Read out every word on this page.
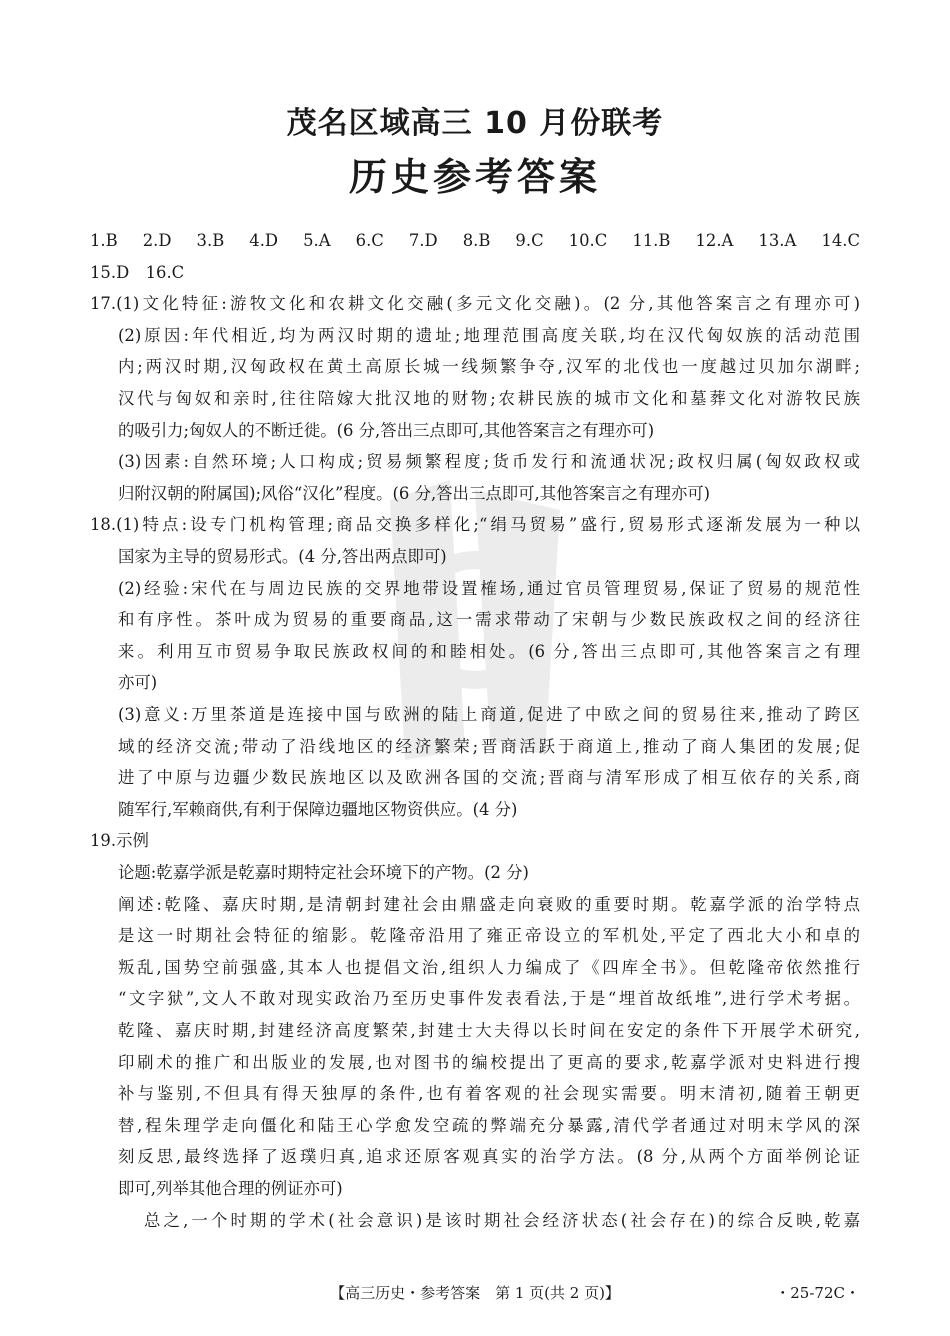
茂名区域高三 10 月份联考
历史参考答案
1.B　2.D　3.B　4.D　5.A　6.C　7.D　8.B　9.C　10.C　11.B　12.A　13.A　14.C
15.D　16.C
17.(1)文化特征:游牧文化和农耕文化交融(多元文化交融)。(2 分,其他答案言之有理亦可)
(2)原因:年代相近,均为两汉时期的遗址;地理范围高度关联,均在汉代匈奴族的活动范围
内;两汉时期,汉匈政权在黄土高原长城一线频繁争夺,汉军的北伐也一度越过贝加尔湖畔;
汉代与匈奴和亲时,往往陪嫁大批汉地的财物;农耕民族的城市文化和墓葬文化对游牧民族
的吸引力;匈奴人的不断迁徙。(6 分,答出三点即可,其他答案言之有理亦可)
(3)因素:自然环境;人口构成;贸易频繁程度;货币发行和流通状况;政权归属(匈奴政权或
归附汉朝的附属国);风俗“汉化”程度。(6 分,答出三点即可,其他答案言之有理亦可)
18.(1)特点:设专门机构管理;商品交换多样化;“绢马贸易”盛行,贸易形式逐渐发展为一种以
国家为主导的贸易形式。(4 分,答出两点即可)
(2)经验:宋代在与周边民族的交界地带设置榷场,通过官员管理贸易,保证了贸易的规范性
和有序性。茶叶成为贸易的重要商品,这一需求带动了宋朝与少数民族政权之间的经济往
来。利用互市贸易争取民族政权间的和睦相处。(6 分,答出三点即可,其他答案言之有理
亦可)
(3)意义:万里茶道是连接中国与欧洲的陆上商道,促进了中欧之间的贸易往来,推动了跨区
域的经济交流;带动了沿线地区的经济繁荣;晋商活跃于商道上,推动了商人集团的发展;促
进了中原与边疆少数民族地区以及欧洲各国的交流;晋商与清军形成了相互依存的关系,商
随军行,军赖商供,有利于保障边疆地区物资供应。(4 分)
19.示例
论题:乾嘉学派是乾嘉时期特定社会环境下的产物。(2 分)
阐述:乾隆、嘉庆时期,是清朝封建社会由鼎盛走向衰败的重要时期。乾嘉学派的治学特点
是这一时期社会特征的缩影。乾隆帝沿用了雍正帝设立的军机处,平定了西北大小和卓的
叛乱,国势空前强盛,其本人也提倡文治,组织人力编成了《四库全书》。但乾隆帝依然推行
“文字狱”,文人不敢对现实政治乃至历史事件发表看法,于是“埋首故纸堆”,进行学术考据。
乾隆、嘉庆时期,封建经济高度繁荣,封建士大夫得以长时间在安定的条件下开展学术研究,
印刷术的推广和出版业的发展,也对图书的编校提出了更高的要求,乾嘉学派对史料进行搜
补与鉴别,不但具有得天独厚的条件,也有着客观的社会现实需要。明末清初,随着王朝更
替,程朱理学走向僵化和陆王心学愈发空疏的弊端充分暴露,清代学者通过对明末学风的深
刻反思,最终选择了返璞归真,追求还原客观真实的治学方法。(8 分,从两个方面举例论证
即可,列举其他合理的例证亦可)
总之,一个时期的学术(社会意识)是该时期社会经济状态(社会存在)的综合反映,乾嘉
【高三历史・参考答案　第 1 页(共 2 页)】	・25-72C・
